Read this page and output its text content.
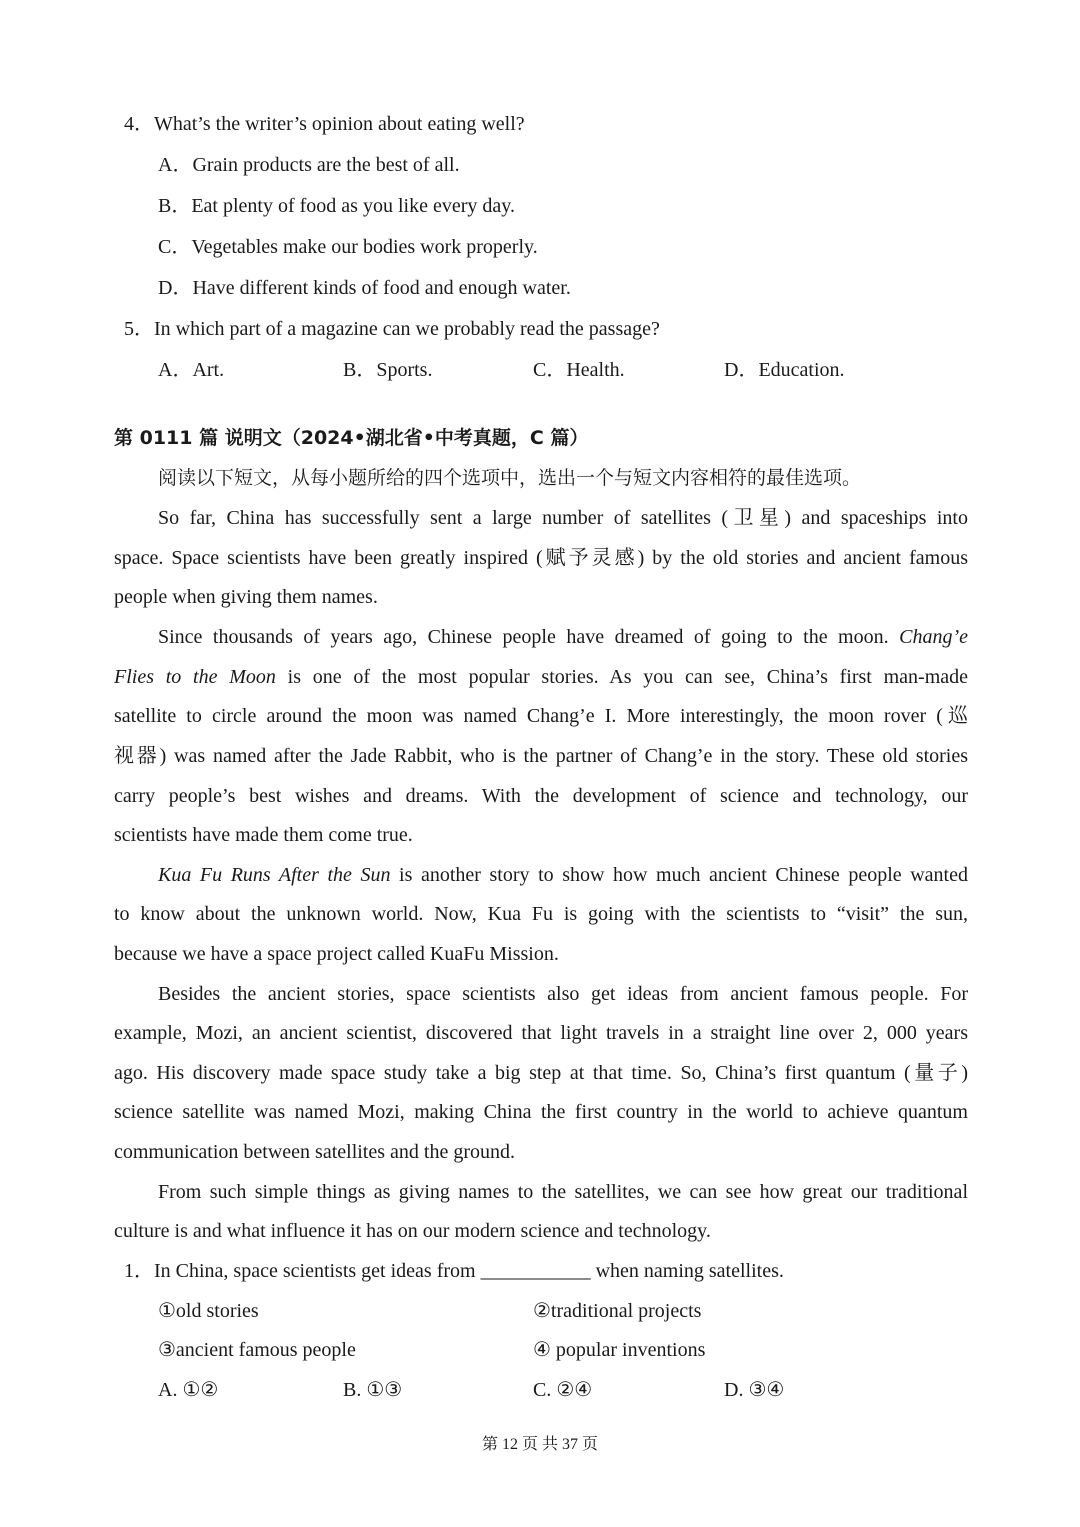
4．What’s the writer’s opinion about eating well?
A．Grain products are the best of all.
B．Eat plenty of food as you like every day.
C．Vegetables make our bodies work properly.
D．Have different kinds of food and enough water.
5．In which part of a magazine can we probably read the passage?
A．Art.	B．Sports.	C．Health.	D．Education.
第 0111 篇 说明文（2024•湖北省•中考真题，C 篇）
阅读以下短文，从每小题所给的四个选项中，选出一个与短文内容相符的最佳选项。
So far, China has successfully sent a large number of satellites (卫星) and spaceships into
space. Space scientists have been greatly inspired (赋予灵感) by the old stories and ancient famous
people when giving them names.
Since thousands of years ago, Chinese people have dreamed of going to the moon. Chang’e
Flies to the Moon is one of the most popular stories. As you can see, China’s first man-made
satellite to circle around the moon was named Chang’e I. More interestingly, the moon rover (巡
视器) was named after the Jade Rabbit, who is the partner of Chang’e in the story. These old stories
carry people’s best wishes and dreams. With the development of science and technology, our
scientists have made them come true.
Kua Fu Runs After the Sun is another story to show how much ancient Chinese people wanted
to know about the unknown world. Now, Kua Fu is going with the scientists to “visit” the sun,
because we have a space project called KuaFu Mission.
Besides the ancient stories, space scientists also get ideas from ancient famous people. For
example, Mozi, an ancient scientist, discovered that light travels in a straight line over 2, 000 years
ago. His discovery made space study take a big step at that time. So, China’s first quantum (量子)
science satellite was named Mozi, making China the first country in the world to achieve quantum
communication between satellites and the ground.
From such simple things as giving names to the satellites, we can see how great our traditional
culture is and what influence it has on our modern science and technology.
1．In China, space scientists get ideas from ___________ when naming satellites.
①old stories	②traditional projects
③ancient famous people	④ popular inventions
A. ①②	B. ①③	C. ②④	D. ③④
第 12 页 共 37 页
